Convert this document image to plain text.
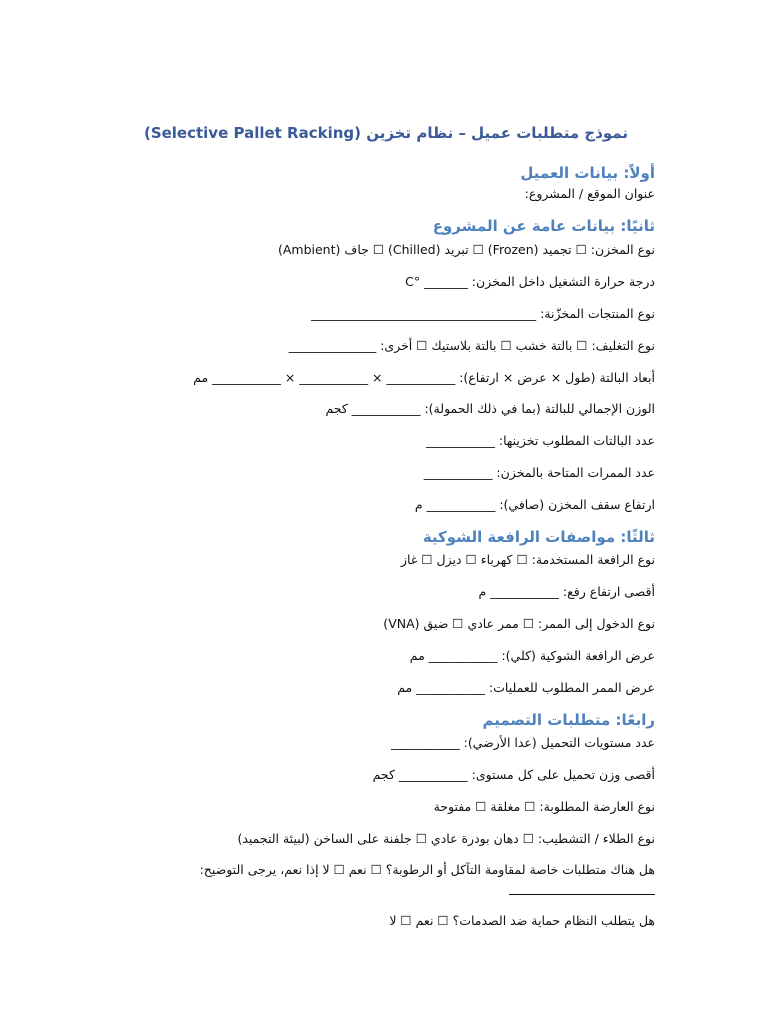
نموذج متطلبات عميل – نظام تخزين (Selective Pallet Racking)
أولاً: بيانات العميل
عنوان الموقع / المشروع:
ثانيًا: بيانات عامة عن المشروع
نوع المخزن: ☐ تجميد (Frozen) ☐ تبريد (Chilled) ☐ جاف (Ambient)
درجة حرارة التشغيل داخل المخزن: _______ °C
نوع المنتجات المخزّنة: ____________________________________
نوع التغليف: ☐ بالتة خشب ☐ بالتة بلاستيك ☐ أخرى: ______________
أبعاد البالتة (طول × عرض × ارتفاع): ___________ × ___________ × ___________ مم
الوزن الإجمالي للبالتة (بما في ذلك الحمولة): ___________ كجم
عدد البالتات المطلوب تخزينها: ___________
عدد الممرات المتاحة بالمخزن: ___________
ارتفاع سقف المخزن (صافي): ___________ م
ثالثًا: مواصفات الرافعة الشوكية
نوع الرافعة المستخدمة: ☐ كهرباء ☐ ديزل ☐ غاز
أقصى ارتفاع رفع: ___________ م
نوع الدخول إلى الممر: ☐ ممر عادي ☐ ضيق (VNA)
عرض الرافعة الشوكية (كلي): ___________ مم
عرض الممر المطلوب للعمليات: ___________ مم
رابعًا: متطلبات التصميم
عدد مستويات التحميل (عدا الأرضي): ___________
أقصى وزن تحميل على كل مستوى: ___________ كجم
نوع العارضة المطلوبة: ☐ مغلقة ☐ مفتوحة
نوع الطلاء / التشطيب: ☐ دهان بودرة عادي ☐ جلفنة على الساخن (لبيئة التجميد)
هل هناك متطلبات خاصة لمقاومة التآكل أو الرطوبة؟ ☐ نعم ☐ لا إذا نعم، يرجى التوضيح:
هل يتطلب النظام حماية ضد الصدمات؟ ☐ نعم ☐ لا
